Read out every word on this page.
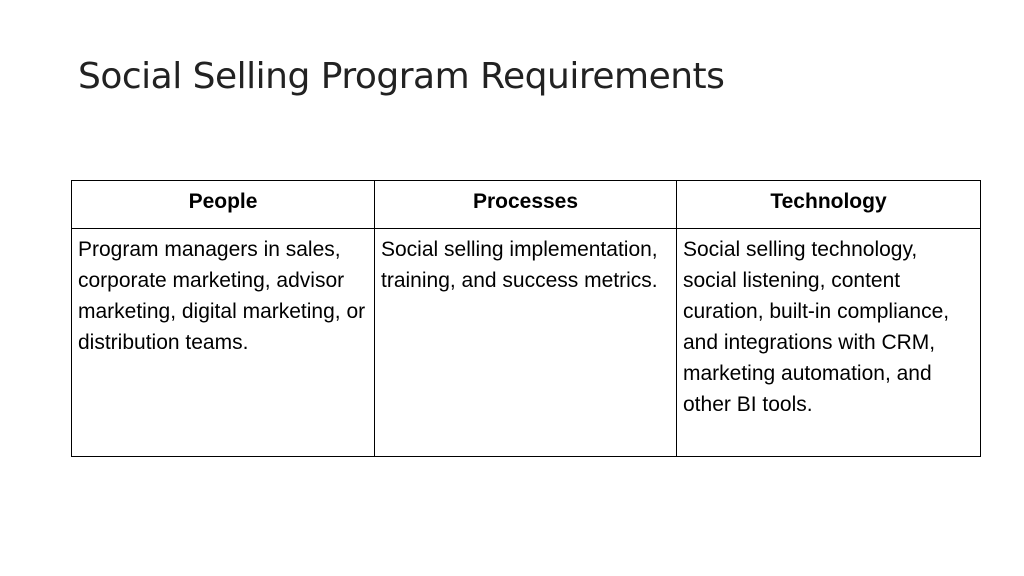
Social Selling Program Requirements
People	Processes	Technology
Program managers in sales, corporate marketing, advisor marketing, digital marketing, or distribution teams.	Social selling implementation, training, and success metrics.	Social selling technology, social listening, content curation, built-in compliance, and integrations with CRM, marketing automation, and other BI tools.
